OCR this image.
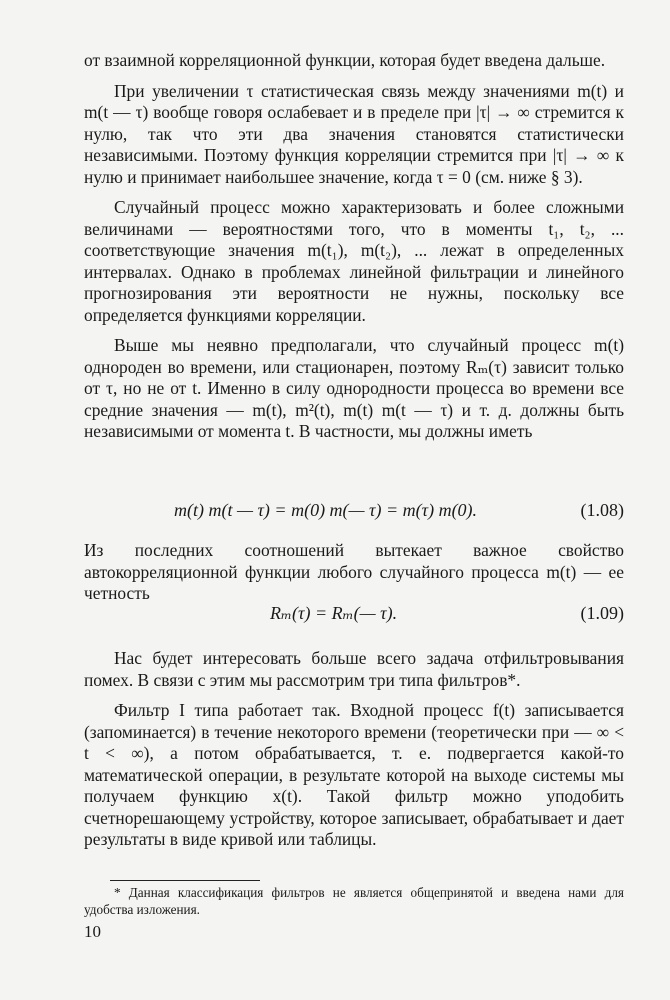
от взаимной корреляционной функции, которая будет введена дальше.

При увеличении τ статистическая связь между значениями m(t) и m(t — τ) вообще говоря ослабевает и в пределе при |τ| → ∞ стремится к нулю, так что эти два значения становятся статистически независимыми. Поэтому функция корреляции стремится при |τ| → ∞ к нулю и принимает наибольшее значение, когда τ = 0 (см. ниже § 3).

Случайный процесс можно характеризовать и более сложными величинами — вероятностями того, что в моменты t₁, t₂, ... соответствующие значения m(t₁), m(t₂), ... лежат в определенных интервалах. Однако в проблемах линейной фильтрации и линейного прогнозирования эти вероятности не нужны, поскольку все определяется функциями корреляции.

Выше мы неявно предполагали, что случайный процесс m(t) однороден во времени, или стационарен, поэтому Rₘ(τ) зависит только от τ, но не от t. Именно в силу однородности процесса во времени все средние значения — m(t), m²(t), m(t) m(t — τ) и т. д. должны быть независимыми от момента t. В частности, мы должны иметь

m(t) m(t — τ) = m(0) m(— τ) = m(τ) m(0).	(1.08)

Из последних соотношений вытекает важное свойство автокорреляционной функции любого случайного процесса m(t) — ее четность

Rₘ(τ) = Rₘ(— τ).	(1.09)

Нас будет интересовать больше всего задача отфильтровывания помех. В связи с этим мы рассмотрим три типа фильтров*.

Фильтр I типа работает так. Входной процесс f(t) записывается (запоминается) в течение некоторого времени (теоретически при — ∞ < t < ∞), а потом обрабатывается, т. е. подвергается какой-то математической операции, в результате которой на выходе системы мы получаем функцию x(t). Такой фильтр можно уподобить счетнорешающему устройству, которое записывает, обрабатывает и дает результаты в виде кривой или таблицы.

* Данная классификация фильтров не является общепринятой и введена нами для удобства изложения.

10
